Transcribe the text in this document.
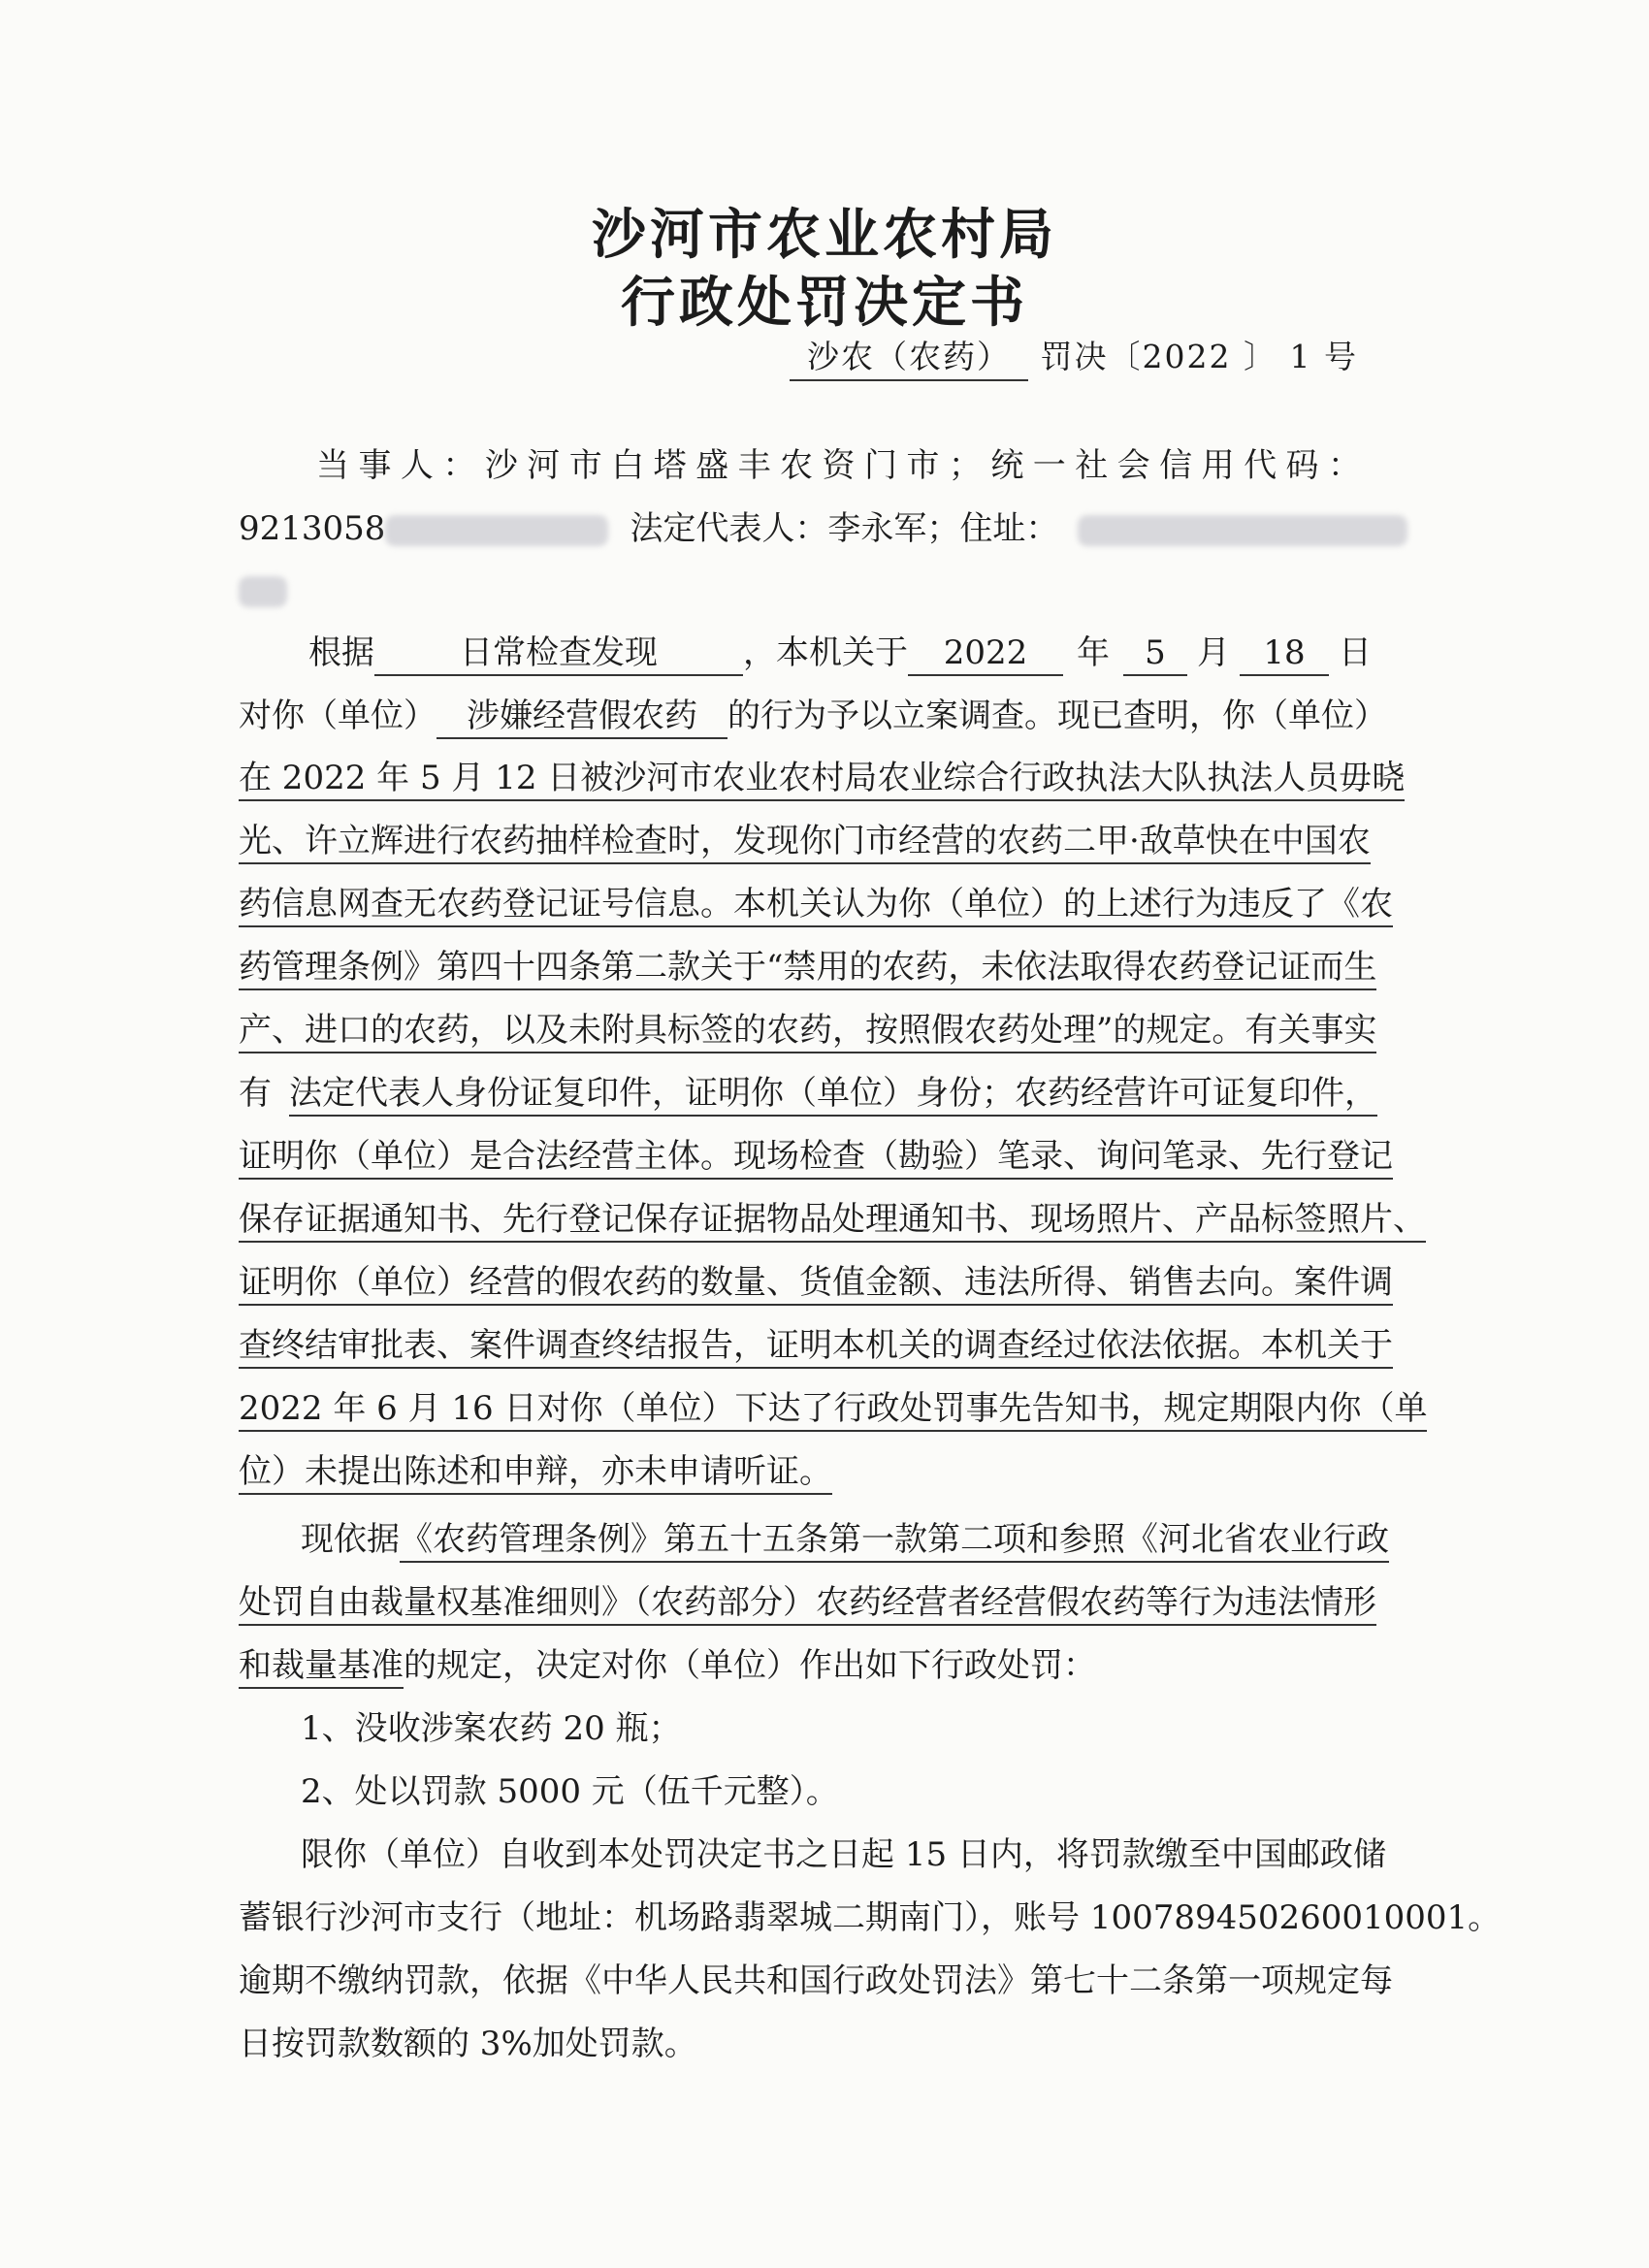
沙河市农业农村局
行政处罚决定书
沙农（农药） 罚决〔2022 〕 1 号
当事人：沙河市白塔盛丰农资门市；统一社会信用代码：
9213058	法定代表人：李永军；住址：
根据	日常检查发现	，本机关于 2022 年 5 月 18 日
对你（单位） 涉嫌经营假农药 的行为予以立案调查。现已查明，你（单位）
在 2022 年 5 月 12 日被沙河市农业农村局农业综合行政执法大队执法人员毋晓
光、许立辉进行农药抽样检查时，发现你门市经营的农药二甲·敌草快在中国农
药信息网查无农药登记证号信息。本机关认为你（单位）的上述行为违反了《农
药管理条例》第四十四条第二款关于“禁用的农药，未依法取得农药登记证而生
产、进口的农药，以及未附具标签的农药，按照假农药处理”的规定。有关事实
有 法定代表人身份证复印件，证明你（单位）身份；农药经营许可证复印件，
证明你（单位）是合法经营主体。现场检查（勘验）笔录、询问笔录、先行登记
保存证据通知书、先行登记保存证据物品处理通知书、现场照片、产品标签照片、
证明你（单位）经营的假农药的数量、货值金额、违法所得、销售去向。案件调
查终结审批表、案件调查终结报告，证明本机关的调查经过依法依据。本机关于
2022 年 6 月 16 日对你（单位）下达了行政处罚事先告知书，规定期限内你（单
位）未提出陈述和申辩，亦未申请听证。
现依据《农药管理条例》第五十五条第一款第二项和参照《河北省农业行政
处罚自由裁量权基准细则》（农药部分）农药经营者经营假农药等行为违法情形
和裁量基准的规定，决定对你（单位）作出如下行政处罚：
1、没收涉案农药 20 瓶；
2、处以罚款 5000 元（伍千元整）。
限你（单位）自收到本处罚决定书之日起 15 日内，将罚款缴至中国邮政储
蓄银行沙河市支行（地址：机场路翡翠城二期南门），账号 100789450260010001。
逾期不缴纳罚款，依据《中华人民共和国行政处罚法》第七十二条第一项规定每
日按罚款数额的 3%加处罚款。
